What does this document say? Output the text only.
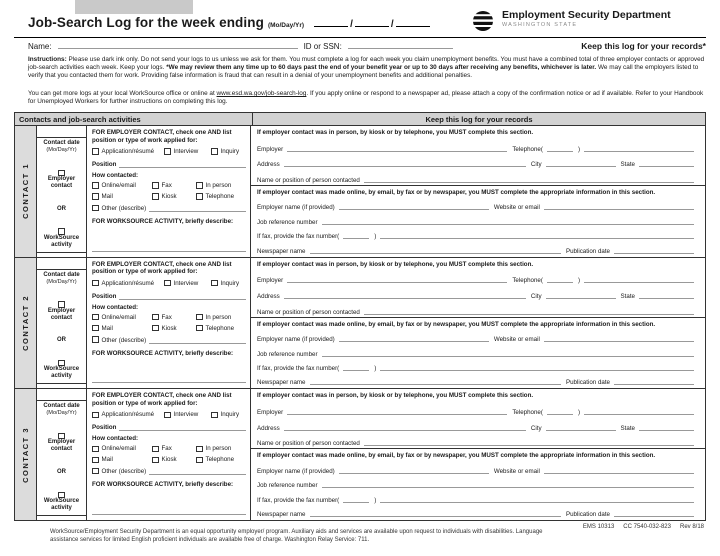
Job-Search Log for the week ending (Mo/Day/Yr)	/	/
Employment Security Department
WASHINGTON STATE
Name:	ID or SSN:	Keep this log for your records*

Instructions: Please use dark ink only. Do not send your logs to us unless we ask for them. You must complete a log for each week you claim unemployment benefits. You must have a combined total of three employer contacts or approved job-search activities each week. Keep your logs. *We may review them any time up to 60 days past the end of your benefit year or up to 30 days after receiving any benefits, whichever is later. We may call the employers listed to verify that you contacted them for work. Providing false information is fraud that can result in a denial of your unemployment benefits and additional penalties.

You can get more logs at your local WorkSource office or online at www.esd.wa.gov/job-search-log. If you apply online or respond to a newspaper ad, please attach a copy of the confirmation notice or ad if available. Refer to your Handbook for Unemployed Workers for further instructions on completing this log.

Contacts and job-search activities	Keep this log for your records
CONTACT 1
Contact date
(Mo/Day/Yr)
Employer contact
OR
WorkSource activity
FOR EMPLOYER CONTACT, check one AND list position or type of work applied for:
Application/résumé	Interview	Inquiry
Position
How contacted:
Online/email	Fax	In person
Mail	Kiosk	Telephone
Other (describe)
FOR WORKSOURCE ACTIVITY, briefly describe:
If employer contact was in person, by kiosk or by telephone, you MUST complete this section.
Employer	Telephone (	)
Address	City	State
Name or position of person contacted
If employer contact was made online, by email, by fax or by newspaper, you MUST complete the appropriate information in this section.
Employer name (if provided)	Website or email
Job reference number
If fax, provide the fax number (	)
Newspaper name	Publication date
CONTACT 2
Contact date
(Mo/Day/Yr)
Employer contact
OR
WorkSource activity
FOR EMPLOYER CONTACT, check one AND list position or type of work applied for:
Application/résumé	Interview	Inquiry
Position
How contacted:
Online/email	Fax	In person
Mail	Kiosk	Telephone
Other (describe)
FOR WORKSOURCE ACTIVITY, briefly describe:
If employer contact was in person, by kiosk or by telephone, you MUST complete this section.
Employer	Telephone (	)
Address	City	State
Name or position of person contacted
If employer contact was made online, by email, by fax or by newspaper, you MUST complete the appropriate information in this section.
Employer name (if provided)	Website or email
Job reference number
If fax, provide the fax number (	)
Newspaper name	Publication date
CONTACT 3
Contact date
(Mo/Day/Yr)
Employer contact
OR
WorkSource activity
FOR EMPLOYER CONTACT, check one AND list position or type of work applied for:
Application/résumé	Interview	Inquiry
Position
How contacted:
Online/email	Fax	In person
Mail	Kiosk	Telephone
Other (describe)
FOR WORKSOURCE ACTIVITY, briefly describe:
If employer contact was in person, by kiosk or by telephone, you MUST complete this section.
Employer	Telephone (	)
Address	City	State
Name or position of person contacted
If employer contact was made online, by email, by fax or by newspaper, you MUST complete the appropriate information in this section.
Employer name (if provided)	Website or email
Job reference number
If fax, provide the fax number (	)
Newspaper name	Publication date

WorkSource/Employment Security Department is an equal opportunity employer/ program. Auxiliary aids and services are available upon request to individuals with disabilities. Language assistance services for limited English proficient individuals are available free of charge. Washington Relay Service: 711.

EMS 10313 CC 7540-032-823 Rev 8/18
